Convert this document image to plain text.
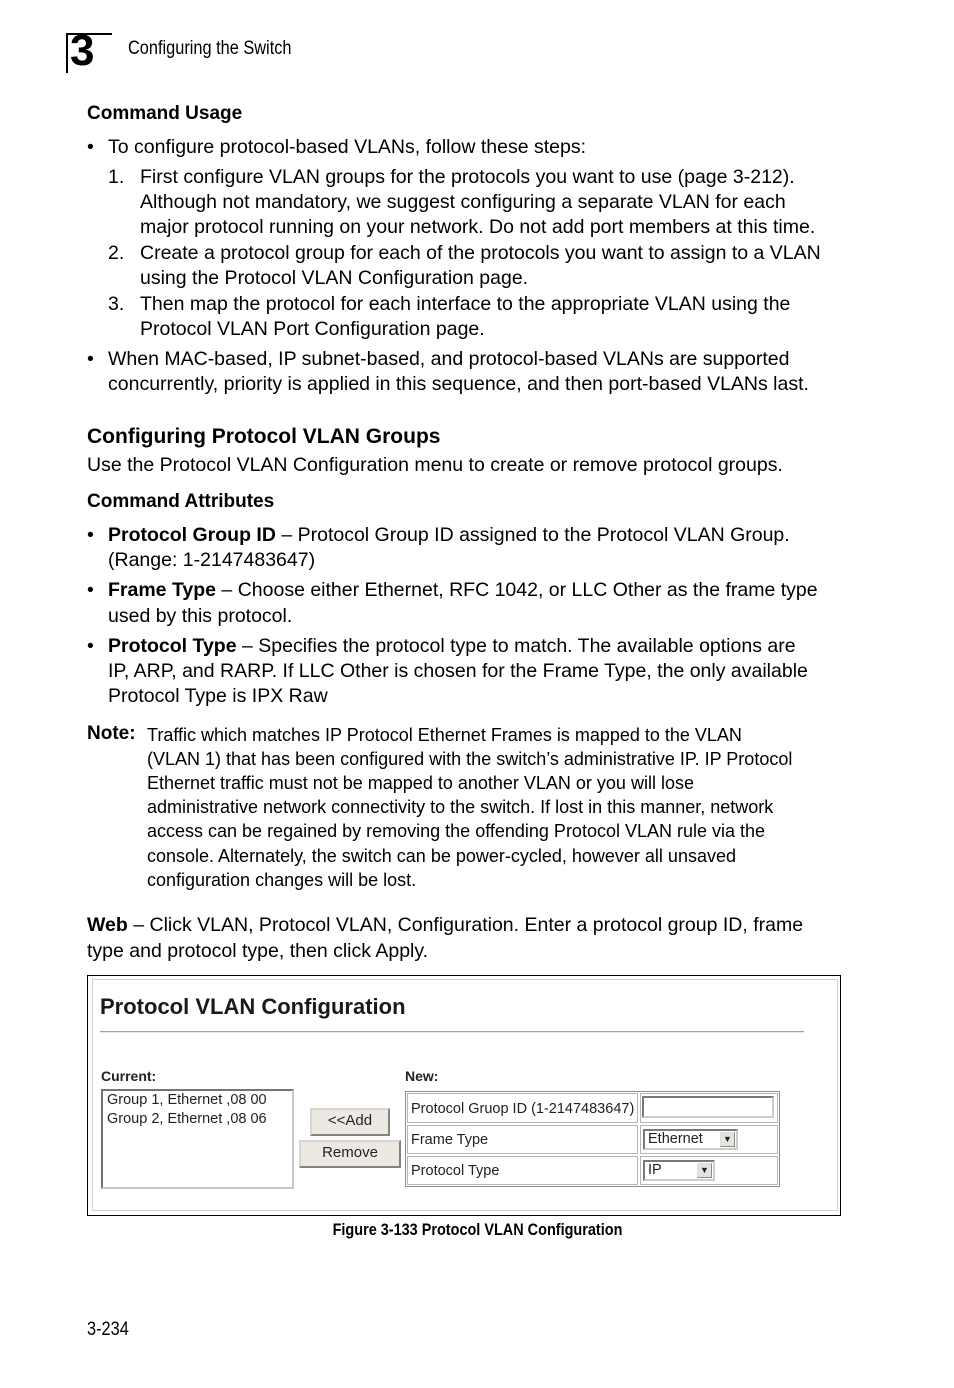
3 Configuring the Switch
Command Usage
• To configure protocol-based VLANs, follow these steps:
1. First configure VLAN groups for the protocols you want to use (page 3-212).
Although not mandatory, we suggest configuring a separate VLAN for each
major protocol running on your network. Do not add port members at this time.
2. Create a protocol group for each of the protocols you want to assign to a VLAN
using the Protocol VLAN Configuration page.
3. Then map the protocol for each interface to the appropriate VLAN using the
Protocol VLAN Port Configuration page.
• When MAC-based, IP subnet-based, and protocol-based VLANs are supported
concurrently, priority is applied in this sequence, and then port-based VLANs last.
Configuring Protocol VLAN Groups
Use the Protocol VLAN Configuration menu to create or remove protocol groups.
Command Attributes
• Protocol Group ID – Protocol Group ID assigned to the Protocol VLAN Group.
(Range: 1-2147483647)
• Frame Type – Choose either Ethernet, RFC 1042, or LLC Other as the frame type
used by this protocol.
• Protocol Type – Specifies the protocol type to match. The available options are
IP, ARP, and RARP. If LLC Other is chosen for the Frame Type, the only available
Protocol Type is IPX Raw
Note: Traffic which matches IP Protocol Ethernet Frames is mapped to the VLAN
(VLAN 1) that has been configured with the switch’s administrative IP. IP Protocol
Ethernet traffic must not be mapped to another VLAN or you will lose
administrative network connectivity to the switch. If lost in this manner, network
access can be regained by removing the offending Protocol VLAN rule via the
console. Alternately, the switch can be power-cycled, however all unsaved
configuration changes will be lost.
Web – Click VLAN, Protocol VLAN, Configuration. Enter a protocol group ID, frame
type and protocol type, then click Apply.
Protocol VLAN Configuration
Current:
Group 1, Ethernet ,08 00
Group 2, Ethernet ,08 06	<<Add
Remove
New:
Protocol Gruop ID (1-2147483647)
Frame Type	Ethernet	▼
Protocol Type	IP	▼
Figure 3-133 Protocol VLAN Configuration
3-234
